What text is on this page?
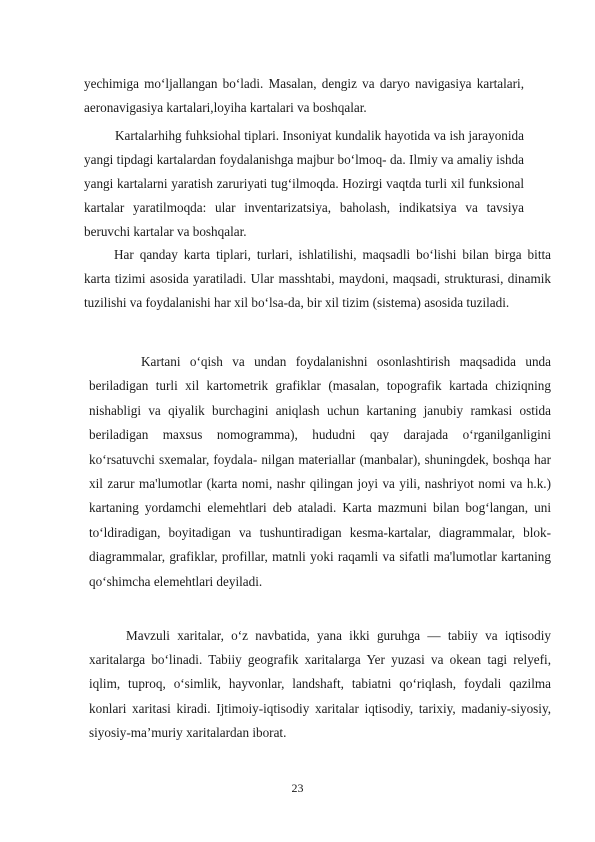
yechimiga mo‘ljallangan bo‘ladi. Masalan, dengiz va daryo navigasiya kartalari, aeronavigasiya kartalari,loyiha kartalari va boshqalar.

Kartalarhihg fuhksiohal tiplari. Insoniyat kundalik hayotida va ish jarayonida yangi tipdagi kartalardan foydalanishga majbur bo‘lmoq- da. Ilmiy va amaliy ishda yangi kartalarni yaratish zaruriyati tug‘ilmoqda. Hozirgi vaqtda turli xil funksional kartalar yaratilmoqda: ular inventarizatsiya, baholash, indikatsiya va tavsiya beruvchi kartalar va boshqalar.

Har qanday karta tiplari, turlari, ishlatilishi, maqsadli bo‘lishi bilan birga bitta karta tizimi asosida yaratiladi. Ular masshtabi, maydoni, maqsadi, strukturasi, dinamik tuzilishi va foydalanishi har xil bo‘lsa-da, bir xil tizim (sistema) asosida tuziladi.

Kartani o‘qish va undan foydalanishni osonlashtirish maqsadida unda beriladigan turli xil kartometrik grafiklar (masalan, topografik kartada chiziqning nishabligi va qiyalik burchagini aniqlash uchun kartaning janubiy ramkasi ostida beriladigan maxsus nomogramma), hududni qay darajada o‘rganilganligini ko‘rsatuvchi sxemalar, foydala- nilgan materiallar (manbalar), shuningdek, boshqa har xil zarur ma'lumotlar (karta nomi, nashr qilingan joyi va yili, nashriyot nomi va h.k.) kartaning yordamchi elemehtlari deb ataladi. Karta mazmuni bilan bog‘langan, uni to‘ldiradigan, boyitadigan va tushuntiradigan kesma-kartalar, diagrammalar, blok-diagrammalar, grafiklar, profillar, matnli yoki raqamli va sifatli ma'lumotlar kartaning qo‘shimcha elemehtlari deyiladi.

Mavzuli xaritalar, o‘z navbatida, yana ikki guruhga — tabiiy va iqtisodiy xaritalarga bo‘linadi. Tabiiy geografik xaritalarga Yer yuzasi va okean tagi relyefi, iqlim, tuproq, o‘simlik, hayvonlar, landshaft, tabiatni qo‘riqlash, foydali qazilma konlari xaritasi kiradi. Ijtimoiy-iqtisodiy xaritalar iqtisodiy, tarixiy, madaniy-siyosiy, siyosiy-ma’muriy xaritalardan iborat.

23
